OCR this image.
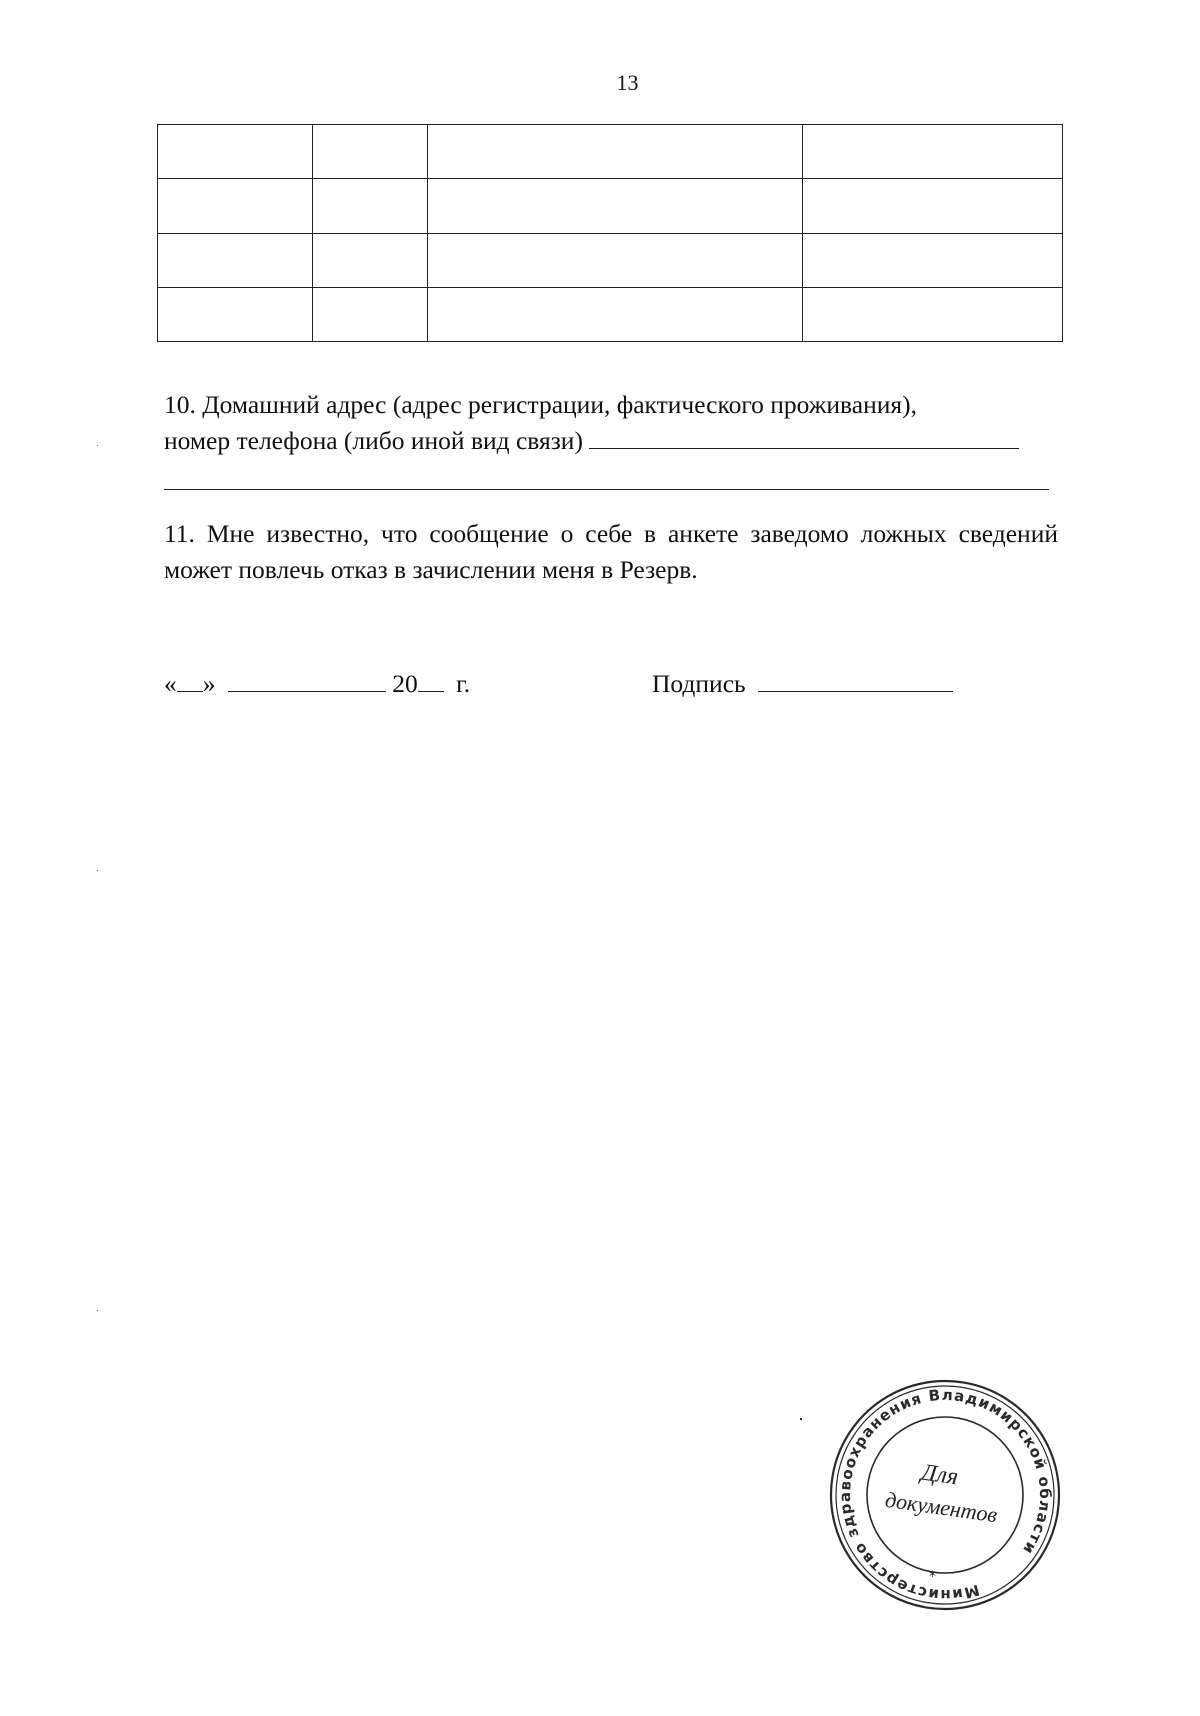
13

10. Домашний адрес (адрес регистрации, фактического проживания),
номер телефона (либо иной вид связи)
11. Мне известно, что сообщение о себе в анкете заведомо ложных сведений может повлечь отказ в зачислении меня в Резерв.
« »	20 г.	Подпись
Министерство здравоохранения Владимирской области
*
Для
документов
